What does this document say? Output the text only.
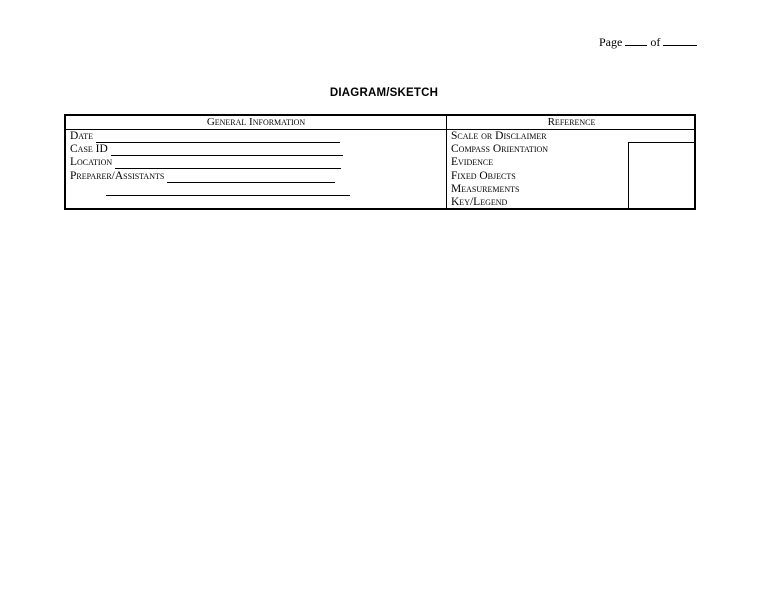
Page of
DIAGRAM/SKETCH
General Information	Reference
Date
Case ID
Location
Preparer/Assistants
Scale or Disclaimer
Compass Orientation
Evidence
Fixed Objects
Measurements
Key/Legend
